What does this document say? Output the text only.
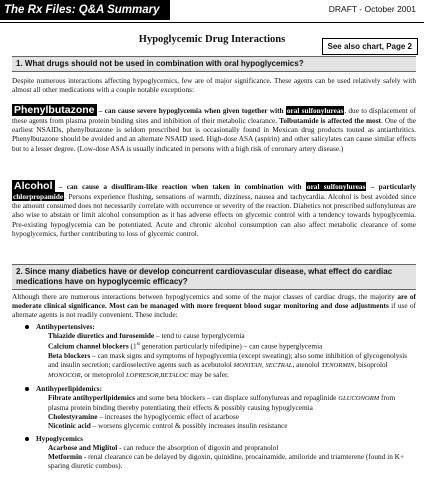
The Rx Files: Q&A Summary	DRAFT - October 2001
Hypoglycemic Drug Interactions
See also chart, Page 2
1. What drugs should not be used in combination with oral hypoglycemics?

Despite numerous interactions affecting hypoglycemics, few are of major significance. These agents can be used relatively safely with almost all other medications with a couple notable exceptions:

Phenylbutazone – can cause severe hypoglycemia when given together with oral sulfonylureas, due to displacement of these agents from plasma protein binding sites and inhibition of their metabolic clearance. Tolbutamide is affected the most. One of the earliest NSAIDs, phenylbutazone is seldom prescribed but is occasionally found in Mexican drug products touted as antiarthritics. Phenylbutazone should be avoided and an alternate NSAID used. High-dose ASA (aspirin) and other salicylates can cause similar effects but to a lesser degree. (Low-dose ASA is usually indicated in persons with a high risk of coronary artery disease.)

Alcohol – can cause a disulfiram-like reaction when taken in combination with oral sulfonylureas – particularly chlorpropamide. Persons experience flushing, sensations of warmth, dizziness, nausea and tachycardia. Alcohol is best avoided since the amount consumed does not necessarily correlate with occurrence or severity of the reaction. Diabetics not prescribed sulfonylureas are also wise to abstain or limit alcohol consumption as it has adverse effects on glycemic control with a tendency towards hypoglycemia. Pre-existing hypoglycemia can be potentiated. Acute and chronic alcohol consumption can also affect metabolic clearance of some hypoglycemics, further contributing to loss of glycemic control.

2. Since many diabetics have or develop concurrent cardiovascular disease, what effect do cardiac medications have on hypoglycemic efficacy?

Although there are numerous interactions between hypoglycemics and some of the major classes of cardiac drugs, the majority are of moderate clinical significance. Most can be managed with more frequent blood sugar monitoring and dose adjustments if use of alternate agents is not readily convenient. These include:

Antihypertensives:
Thiazide diuretics and furosemide – tend to cause hyperglycemia
Calcium channel blockers (1st generation particularly nifedipine) – can cause hyperglycemia
Beta blockers – can mask signs and symptoms of hypoglycemia (except sweating); also some inhibition of glycogenolysis and insulin secretion; cardioselective agents such as acebutolol MONITAN, SECTRAL, atenolol TENORMIN, bisoprolol MONOCOR, or metoprolol LOPRESOR,BETALOC may be safer.
Antihyperlipidemics:
Fibrate antihyperlipidemics and some beta blockers – can displace sulfonylureas and repaglinide GLUCONORM from plasma protein binding thereby potentiating their effects & possibly causing hypoglycemia
Cholestyramine – increases the hypoglycemic effect of acarbose
Nicotinic acid – worsens glycemic control & possibly increases insulin resistance
Hypoglycemics
Acarbose and Miglitol - can reduce the absorption of digoxin and propranolol
Metformin - renal clearance can be delayed by digoxin, quinidine, procainamide, amiloride and triamterene (found in K+ sparing diuretic combos).
